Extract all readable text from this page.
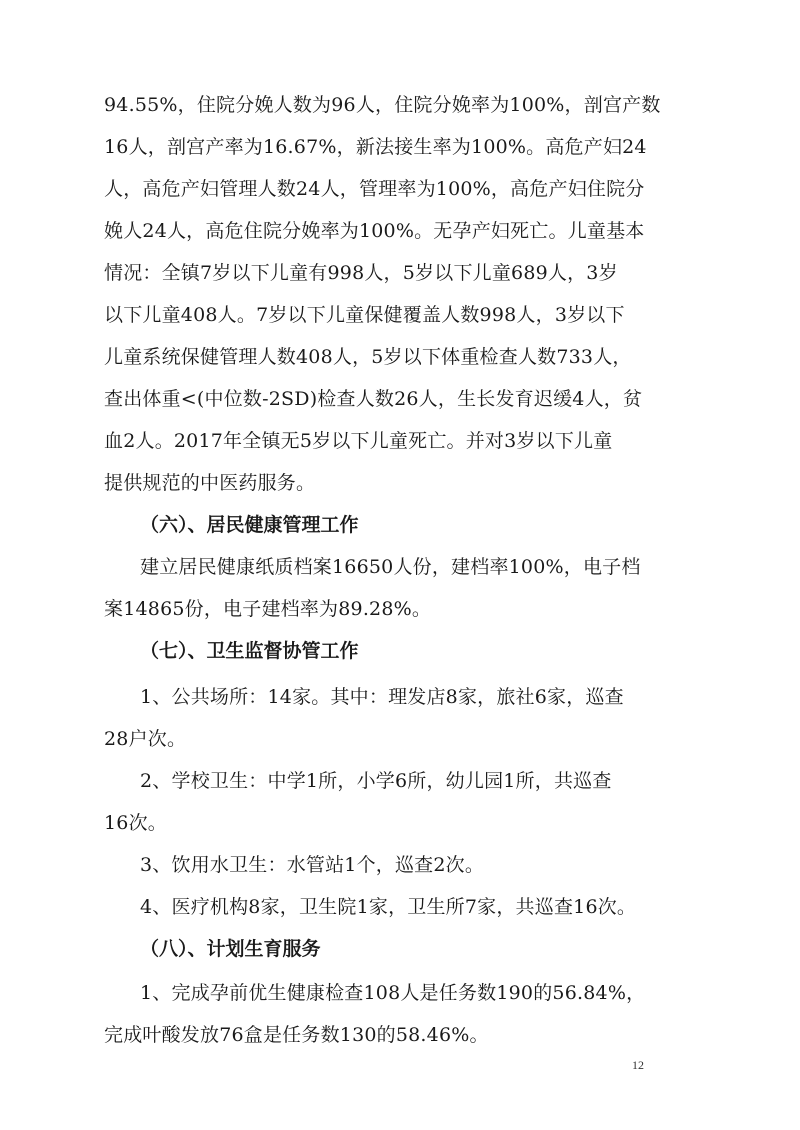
94.55%，住院分娩人数为96人，住院分娩率为100%，剖宫产数
16人，剖宫产率为16.67%，新法接生率为100%。高危产妇24
人，高危产妇管理人数24人，管理率为100%，高危产妇住院分
娩人24人，高危住院分娩率为100%。无孕产妇死亡。儿童基本
情况：全镇7岁以下儿童有998人，5岁以下儿童689人，3岁
以下儿童408人。7岁以下儿童保健覆盖人数998人，3岁以下
儿童系统保健管理人数408人，5岁以下体重检查人数733人，
查出体重<(中位数-2SD)检查人数26人，生长发育迟缓4人，贫
血2人。2017年全镇无5岁以下儿童死亡。并对3岁以下儿童
提供规范的中医药服务。
（六）、居民健康管理工作
建立居民健康纸质档案16650人份，建档率100%，电子档
案14865份，电子建档率为89.28%。
（七）、卫生监督协管工作
1、公共场所：14家。其中：理发店8家，旅社6家，巡查
28户次。
2、学校卫生：中学1所，小学6所，幼儿园1所，共巡查
16次。
3、饮用水卫生：水管站1个，巡查2次。
4、医疗机构8家，卫生院1家，卫生所7家，共巡查16次。
（八）、计划生育服务
1、完成孕前优生健康检查108人是任务数190的56.84%，
完成叶酸发放76盒是任务数130的58.46%。
12
